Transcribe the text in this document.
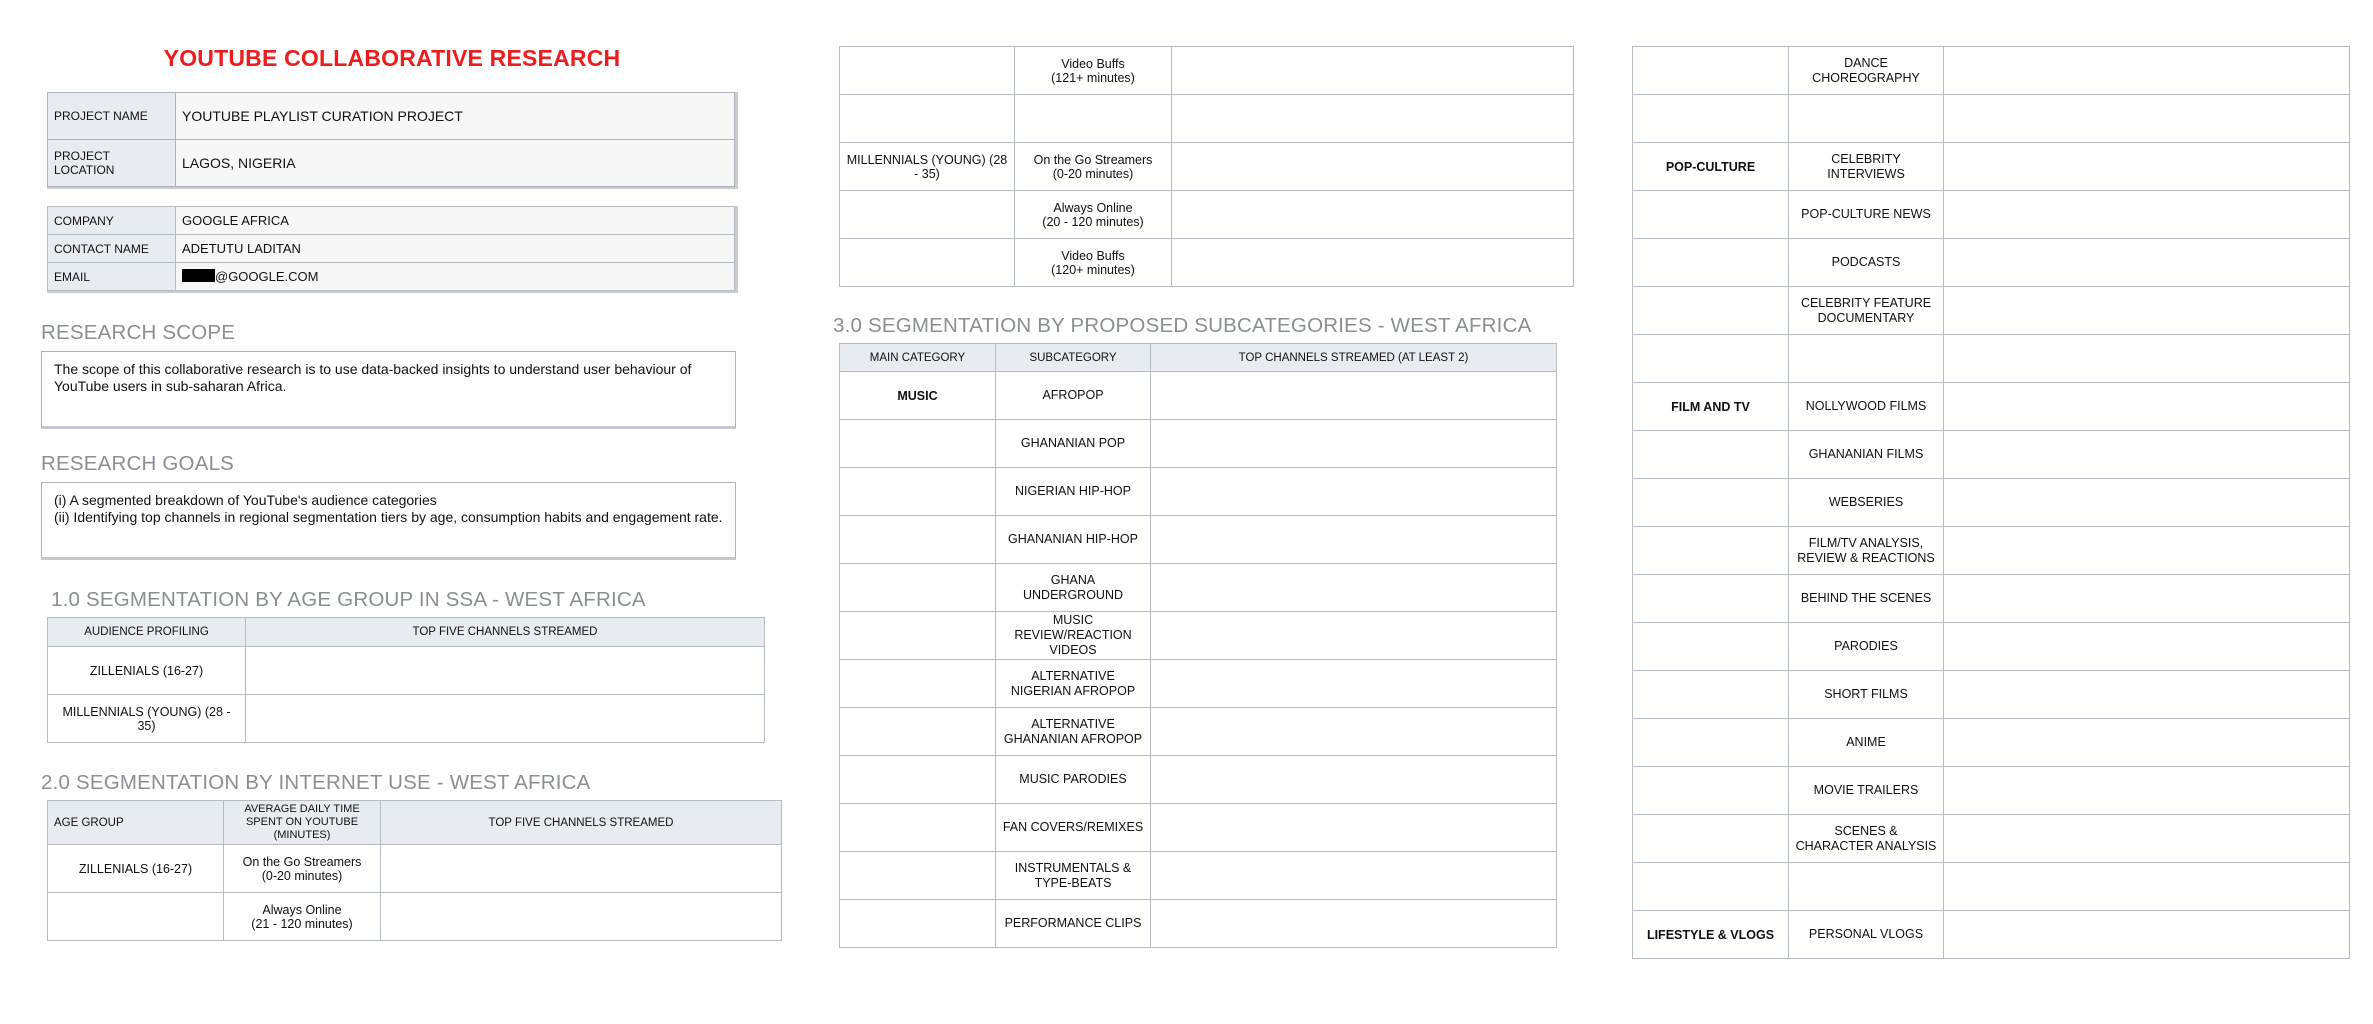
YOUTUBE COLLABORATIVE RESEARCH
PROJECT NAME	YOUTUBE PLAYLIST CURATION PROJECT
PROJECT LOCATION	LAGOS, NIGERIA
COMPANY	GOOGLE AFRICA
CONTACT NAME	ADETUTU LADITAN
EMAIL	@GOOGLE.COM
RESEARCH SCOPE
The scope of this collaborative research is to use data-backed insights to understand user behaviour of YouTube users in sub-saharan Africa.
RESEARCH GOALS
(i) A segmented breakdown of YouTube's audience categories
(ii) Identifying top channels in regional segmentation tiers by age, consumption habits and engagement rate.
1.0 SEGMENTATION BY AGE GROUP IN SSA - WEST AFRICA
AUDIENCE PROFILING	TOP FIVE CHANNELS STREAMED
ZILLENIALS (16-27)	
MILLENNIALS (YOUNG) (28 - 35)	
2.0 SEGMENTATION BY INTERNET USE - WEST AFRICA
AGE GROUP	AVERAGE DAILY TIME SPENT ON YOUTUBE (MINUTES)	TOP FIVE CHANNELS STREAMED
ZILLENIALS (16-27)	On the Go Streamers
(0-20 minutes)	

	Always Online
(21 - 120 minutes)	

	Video Buffs
(121+ minutes)	

MILLENNIALS (YOUNG) (28 - 35)	On the Go Streamers
(0-20 minutes)	

	Always Online
(20 - 120 minutes)	

	Video Buffs
(120+ minutes)	

3.0 SEGMENTATION BY PROPOSED SUBCATEGORIES - WEST AFRICA
MAIN CATEGORY	SUBCATEGORY	TOP CHANNELS STREAMED (AT LEAST 2)
MUSIC	AFROPOP	
	GHANANIAN POP	
	NIGERIAN HIP-HOP	
	GHANANIAN HIP-HOP	
	GHANA UNDERGROUND	
	MUSIC REVIEW/REACTION VIDEOS	
	ALTERNATIVE NIGERIAN AFROPOP	
	ALTERNATIVE GHANANIAN AFROPOP	
	MUSIC PARODIES	
	FAN COVERS/REMIXES	
	INSTRUMENTALS & TYPE-BEATS	
	PERFORMANCE CLIPS	
	DANCE CHOREOGRAPHY	

POP-CULTURE	CELEBRITY INTERVIEWS	
	POP-CULTURE NEWS	
	PODCASTS	
	CELEBRITY FEATURE DOCUMENTARY	

FILM AND TV	NOLLYWOOD FILMS	
	GHANANIAN FILMS	
	WEBSERIES	
	FILM/TV ANALYSIS, REVIEW & REACTIONS	
	BEHIND THE SCENES	
	PARODIES	
	SHORT FILMS	
	ANIME	
	MOVIE TRAILERS	
	SCENES & CHARACTER ANALYSIS	

LIFESTYLE & VLOGS	PERSONAL VLOGS	
